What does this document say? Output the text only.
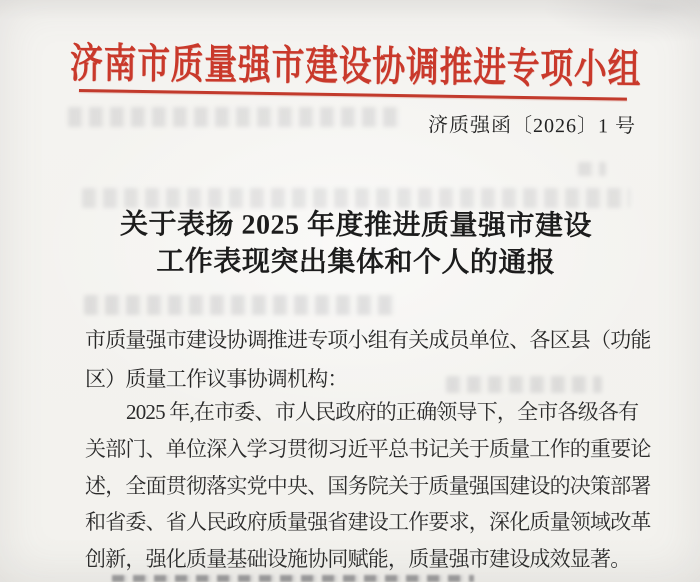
济南市质量强市建设协调推进专项小组
济质强函〔2026〕1 号
关于表扬 2025 年度推进质量强市建设
工作表现突出集体和个人的通报
市质量强市建设协调推进专项小组有关成员单位、各区县（功能
区）质量工作议事协调机构：
2025 年,在市委、市人民政府的正确领导下，全市各级各有
关部门、单位深入学习贯彻习近平总书记关于质量工作的重要论
述，全面贯彻落实党中央、国务院关于质量强国建设的决策部署
和省委、省人民政府质量强省建设工作要求，深化质量领域改革
创新，强化质量基础设施协同赋能，质量强市建设成效显著。
